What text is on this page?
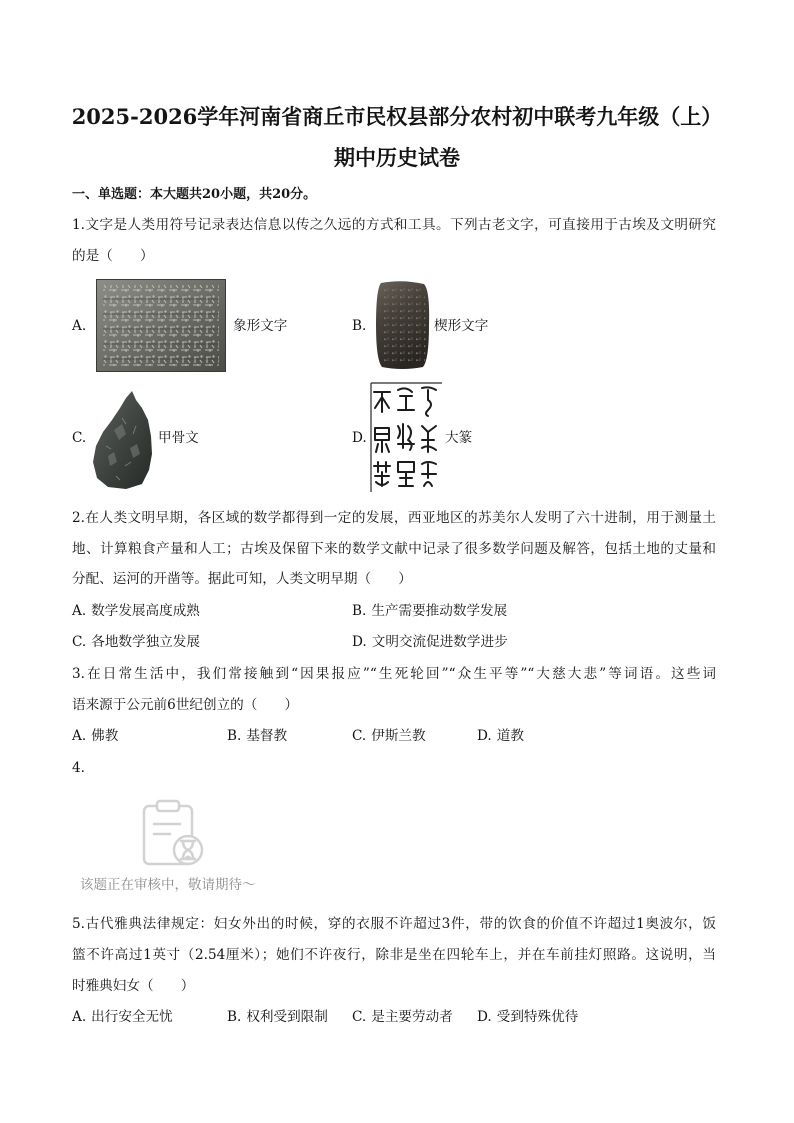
2025-2026学年河南省商丘市民权县部分农村初中联考九年级（上）
期中历史试卷
一、单选题：本大题共20小题，共20分。
1.文字是人类用符号记录表达信息以传之久远的方式和工具。下列古老文字，可直接用于古埃及文明研究
的是（　　）
A.	象形文字	B.	楔形文字
C.	甲骨文	D.	大篆
2.在人类文明早期，各区域的数学都得到一定的发展，西亚地区的苏美尔人发明了六十进制，用于测量土
地、计算粮食产量和人工；古埃及保留下来的数学文献中记录了很多数学问题及解答，包括土地的丈量和
分配、运河的开凿等。据此可知，人类文明早期（　　）
A. 数学发展高度成熟	B. 生产需要推动数学发展
C. 各地数学独立发展	D. 文明交流促进数学进步
3.在日常生活中，我们常接触到“因果报应”“生死轮回”“众生平等”“大慈大悲”等词语。这些词
语来源于公元前6世纪创立的（　　）
A. 佛教	B. 基督教	C. 伊斯兰教	D. 道教
4.
该题正在审核中，敬请期待～
5.古代雅典法律规定：妇女外出的时候，穿的衣服不许超过3件，带的饮食的价值不许超过1奥波尔，饭
篮不许高过1英寸（2.54厘米）；她们不许夜行，除非是坐在四轮车上，并在车前挂灯照路。这说明，当
时雅典妇女（　　）
A. 出行安全无忧	B. 权利受到限制 C. 是主要劳动者 D. 受到特殊优待
